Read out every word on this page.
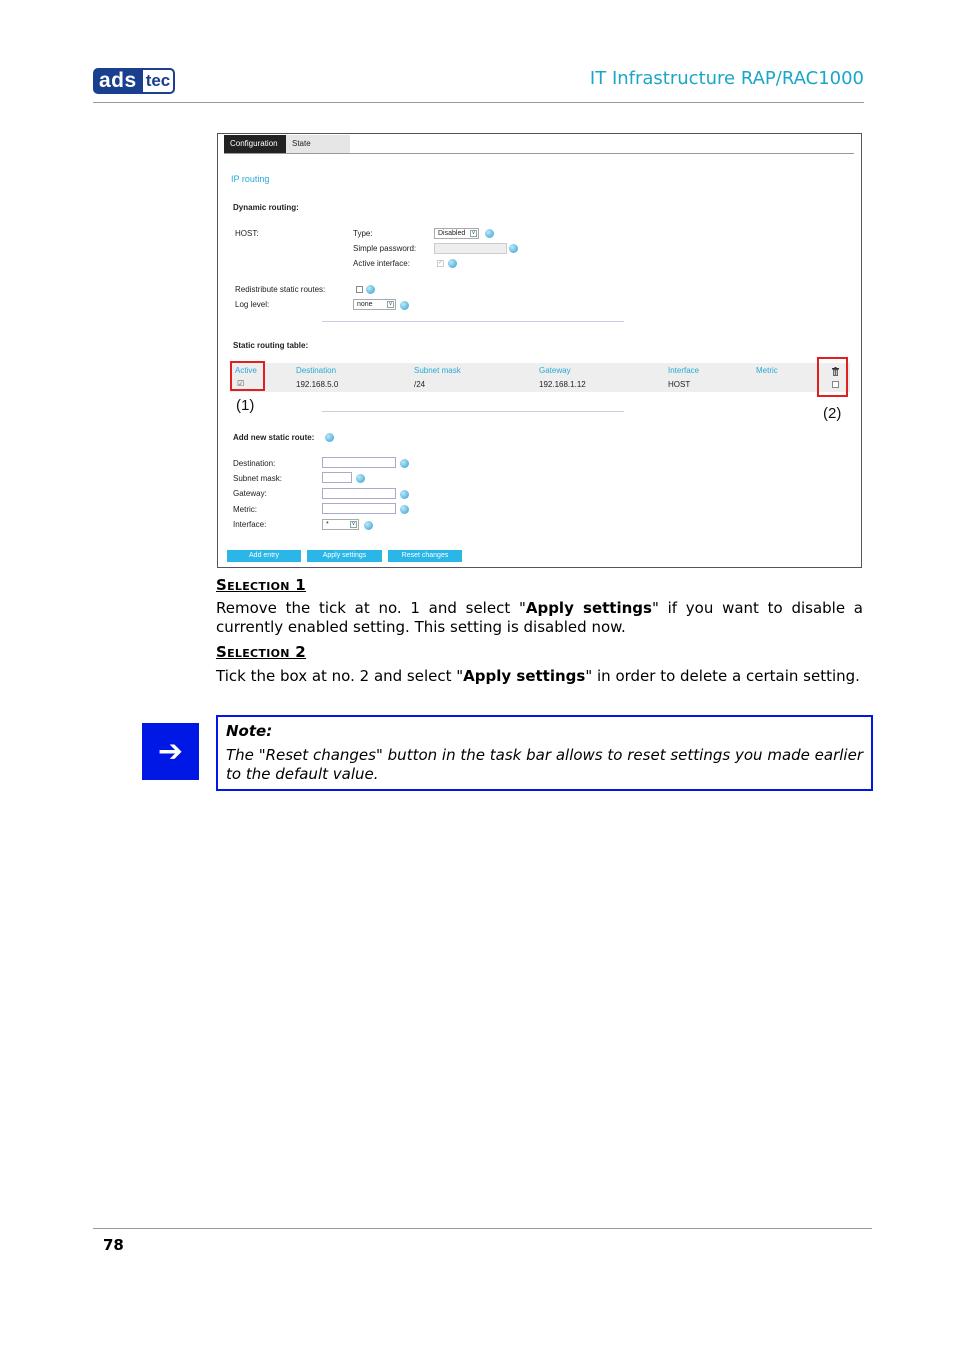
ads tec	IT Infrastructure RAP/RAC1000
Configuration	State
IP routing
Dynamic routing:
HOST:	Type:	Disabled	v
Simple password:
Active interface:	✓
Redistribute static routes:
Log level:	none	v
Static routing table:
Active	Destination	Subnet mask	Gateway	Interface	Metric
☑	192.168.5.0	/24	192.168.1.12	HOST
(1)	(2)
Add new static route:
Destination:
Subnet mask:
Gateway:
Metric:
Interface:	*	v
Add entry	Apply settings	Reset changes
Selection 1
Remove the tick at no. 1 and select "Apply settings" if you want to disable a currently enabled setting. This setting is disabled now.
Selection 2
Tick the box at no. 2 and select "Apply settings" in order to delete a certain setting.
➔
Note:
The "Reset changes" button in the task bar allows to reset settings you made earlier to the default value.
78
